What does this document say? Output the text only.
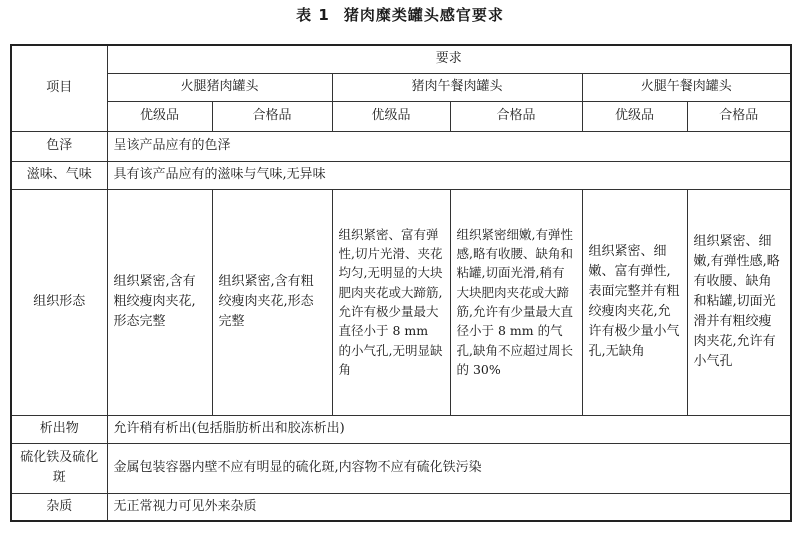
表 1 猪肉糜类罐头感官要求
项目	要求					
	火腿猪肉罐头		猪肉午餐肉罐头		火腿午餐肉罐头	
	优级品	合格品	优级品	合格品	优级品	合格品
色泽	呈该产品应有的色泽					
滋味、气味	具有该产品应有的滋味与气味,无异味					
组织形态	组织紧密,含有粗绞瘦肉夹花,形态完整	组织紧密,含有粗绞瘦肉夹花,形态完整	组织紧密、富有弹性,切片光滑、夹花均匀,无明显的大块肥肉夹花或大蹄筋,允许有极少量最大直径小于 8 mm 的小气孔,无明显缺角	组织紧密细嫩,有弹性感,略有收腰、缺角和粘罐,切面光滑,稍有大块肥肉夹花或大蹄筋,允许有少量最大直径小于 8 mm 的气孔,缺角不应超过周长的 30%	组织紧密、细嫩、富有弹性,表面完整并有粗绞瘦肉夹花,允许有极少量小气孔,无缺角	组织紧密、细嫩,有弹性感,略有收腰、缺角和粘罐,切面光滑并有粗绞瘦肉夹花,允许有小气孔
析出物	允许稍有析出(包括脂肪析出和胶冻析出)					
硫化铁及硫化斑	金属包装容器内壁不应有明显的硫化斑,内容物不应有硫化铁污染					
杂质	无正常视力可见外来杂质					
